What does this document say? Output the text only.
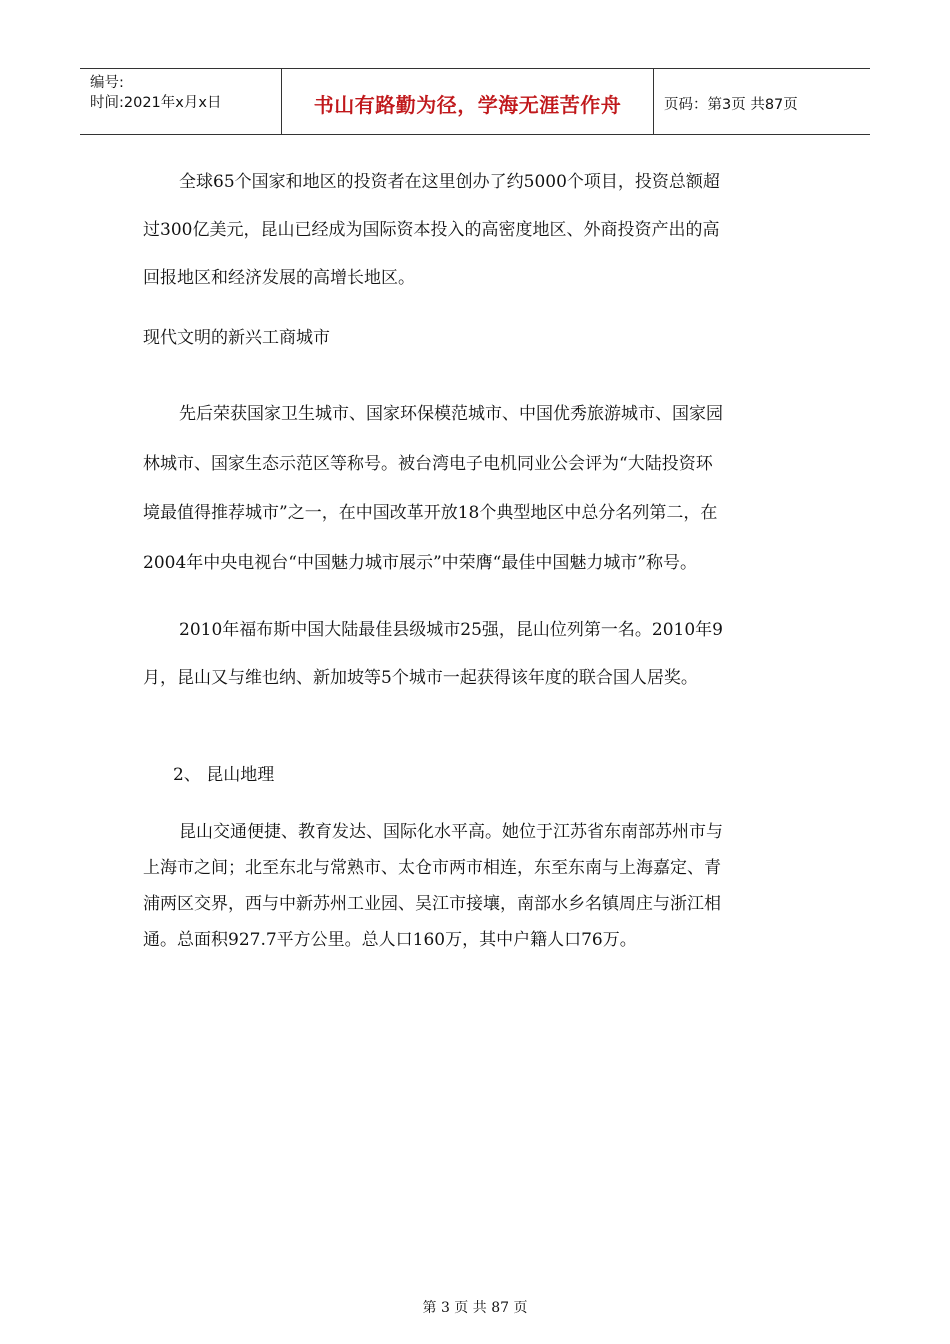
编号:
时间:2021年x月x日	书山有路勤为径，学海无涯苦作舟	页码：第3页 共87页
全球65个国家和地区的投资者在这里创办了约5000个项目，投资总额超
过300亿美元，昆山已经成为国际资本投入的高密度地区、外商投资产出的高
回报地区和经济发展的高增长地区。
现代文明的新兴工商城市
先后荣获国家卫生城市、国家环保模范城市、中国优秀旅游城市、国家园
林城市、国家生态示范区等称号。被台湾电子电机同业公会评为“大陆投资环
境最值得推荐城市”之一，在中国改革开放18个典型地区中总分名列第二，在
2004年中央电视台“中国魅力城市展示”中荣膺“最佳中国魅力城市”称号。
2010年福布斯中国大陆最佳县级城市25强，昆山位列第一名。2010年9
月，昆山又与维也纳、新加坡等5个城市一起获得该年度的联合国人居奖。
2、 昆山地理
昆山交通便捷、教育发达、国际化水平高。她位于江苏省东南部苏州市与
上海市之间；北至东北与常熟市、太仓市两市相连，东至东南与上海嘉定、青
浦两区交界，西与中新苏州工业园、吴江市接壤，南部水乡名镇周庄与浙江相
通。总面积927.7平方公里。总人口160万，其中户籍人口76万。
第 3 页 共 87 页
